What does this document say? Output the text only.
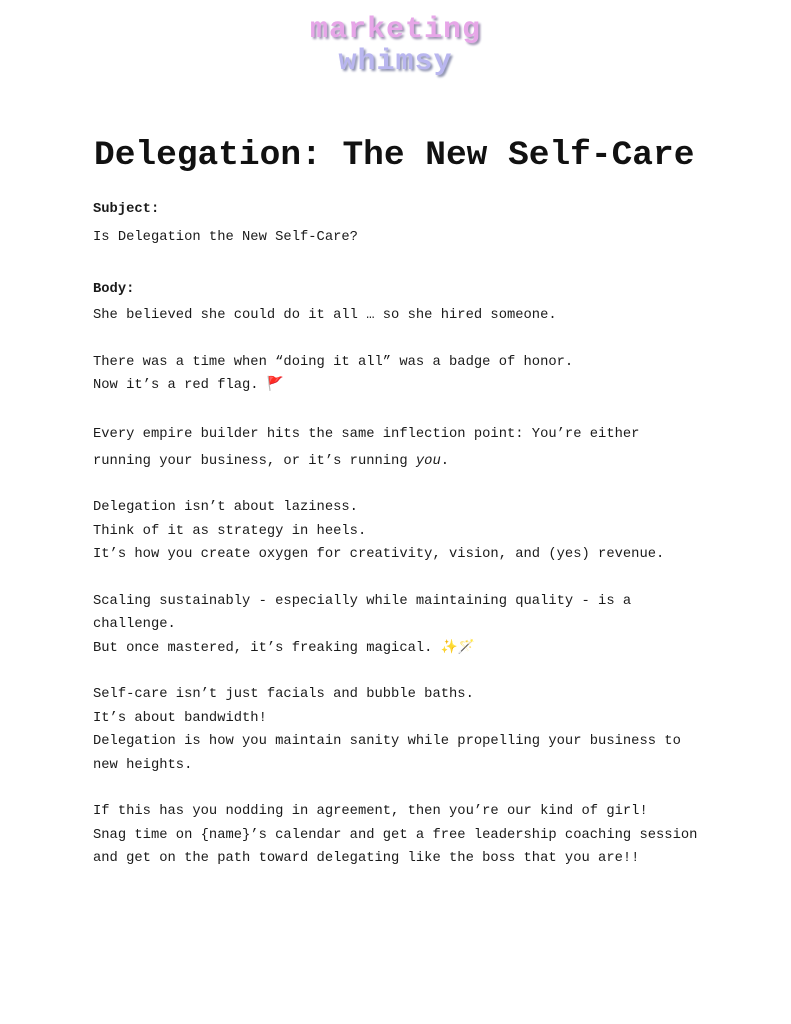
marketing
whimsy
Delegation: The New Self-Care
Subject:
Is Delegation the New Self-Care?
Body:

She believed she could do it all … so she hired someone.

There was a time when “doing it all” was a badge of honor.
Now it’s a red flag. 🚩

Every empire builder hits the same inflection point: You’re either
running your business, or it’s running you.

Delegation isn’t about laziness.
Think of it as strategy in heels.
It’s how you create oxygen for creativity, vision, and (yes) revenue.

Scaling sustainably - especially while maintaining quality - is a
challenge.
But once mastered, it’s freaking magical. ✨🪄

Self-care isn’t just facials and bubble baths.
It’s about bandwidth!
Delegation is how you maintain sanity while propelling your business to
new heights.

If this has you nodding in agreement, then you’re our kind of girl!
Snag time on {name}’s calendar and get a free leadership coaching session
and get on the path toward delegating like the boss that you are!!
